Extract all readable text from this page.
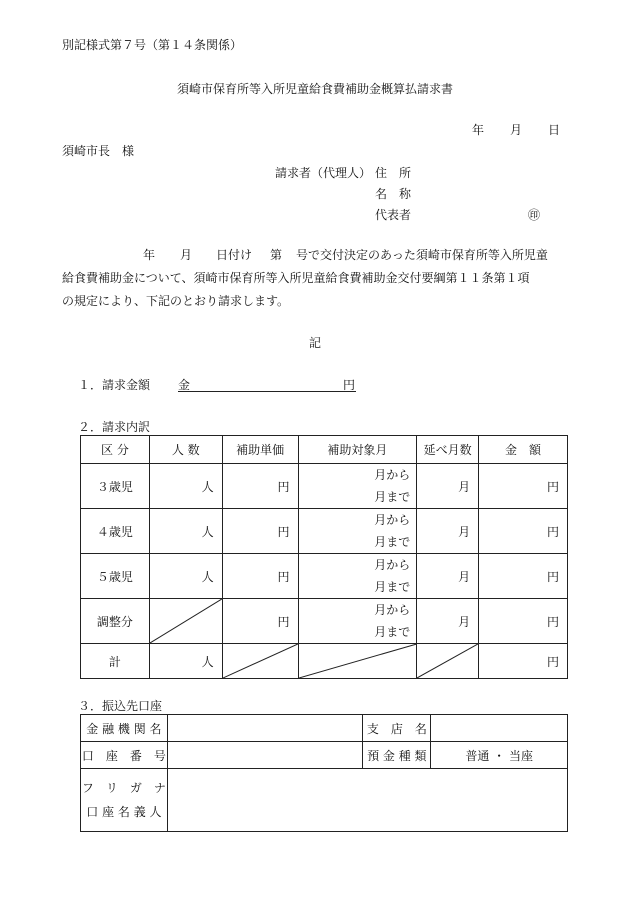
別記様式第７号（第１４条関係）
須崎市保育所等入所児童給食費補助金概算払請求書
年 月 日
須崎市長　様
請求者（代理人） 住　所
名　称
代表者	㊞
年 月 日付け 第 号で交付決定のあった須崎市保育所等入所児童
給食費補助金について、須崎市保育所等入所児童給食費補助金交付要綱第１１条第１項
の規定により、下記のとおり請求します。
記
１．請求金額 金	円
２．請求内訳
区 分	人 数	補助単価	補助対象月	延べ月数	金　額
３歳児	人	円	月から
月まで	月	円
４歳児	人	円	月から
月まで	月	円
５歳児	人	円	月から
月まで	月	円
調整分		円	月から
月まで	月	円
計	人				円
３．振込先口座
金 融 機 関 名		支　店　名	
口　座　番　号		預 金 種 類	普通 ・ 当座
フ　リ　ガ　ナ
口 座 名 義 人			
